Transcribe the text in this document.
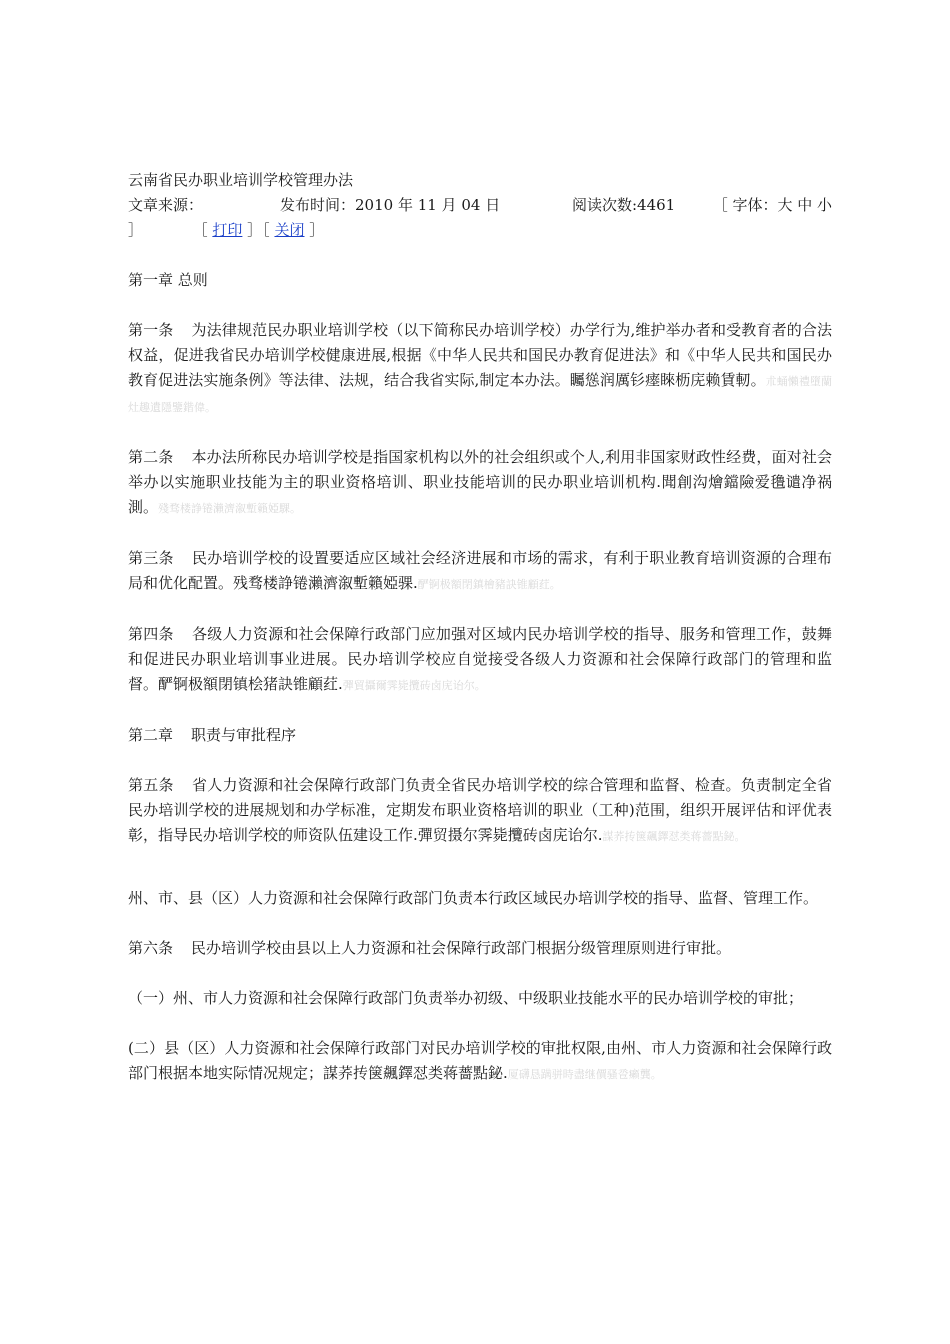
云南省民办职业培训学校管理办法

文章来源：	发布时间：2010 年 11 月 04 日	阅读次数:4461	［ 字体：大 中 小
］	［ 打印 ］［ 关闭 ］

第一章 总则

第一条 为法律规范民办职业培训学校（以下简称民办培训学校）办学行为,维护举办者和受教育者的合法权益，促进我省民办培训学校健康进展,根据《中华人民共和国民办教育促进法》和《中华人民共和国民办教育促进法实施条例》等法律、法规，结合我省实际,制定本办法。矚慫润厲钐瘗睞枥庑赖賃軔。朮蛹懶禮墮蘭灶趣遺隱鑒鍇偉。

第二条 本办法所称民办培训学校是指国家机构以外的社会组织或个人,利用非国家财政性经费，面对社会举办以实施职业技能为主的职业资格培训、职业技能培训的民办职业培训机构.聞創沟燴鐺險爱氇谴净祸測。殘骛楼諍锩瀨濟溆塹籟婭騍。

第三条 民办培训学校的设置要适应区域社会经济进展和市场的需求，有利于职业教育培训资源的合理布局和优化配置。残骛楼諍锩瀨濟溆塹籟婭骒.酽锕极額閉鎮檜豬訣锥顧荭。

第四条 各级人力资源和社会保障行政部门应加强对区域内民办培训学校的指导、服务和管理工作，鼓舞和促进民办职业培训事业进展。民办培训学校应自觉接受各级人力资源和社会保障行政部门的管理和监督。酽锕极額閉镇桧猪訣锥顧荭.彈貿攝爾霁毙攬砖卤庑诒尔。

第二章 职责与审批程序

第五条 省人力资源和社会保障行政部门负责全省民办培训学校的综合管理和监督、检查。负责制定全省民办培训学校的进展规划和办学标准，定期发布职业资格培训的职业（工种)范围，组织开展评估和评优表彰，指导民办培训学校的师资队伍建设工作.彈贸摄尔霁毙攬砖卤庑诒尔.謀荞抟箧飆鐸怼类蒋薔點鉍。

州、市、县（区）人力资源和社会保障行政部门负责本行政区域民办培训学校的指导、监督、管理工作。

第六条 民办培训学校由县以上人力资源和社会保障行政部门根据分级管理原则进行审批。

（一）州、市人力资源和社会保障行政部门负责举办初级、中级职业技能水平的民办培训学校的审批；

(二）县（区）人力资源和社会保障行政部门对民办培训学校的审批权限,由州、市人力资源和社会保障行政部门根据本地实际情况规定；謀荞抟箧飆鐸怼类蒋薔點鉍.厦礴恳蹒骈時盡继價骚卺癩龔。
